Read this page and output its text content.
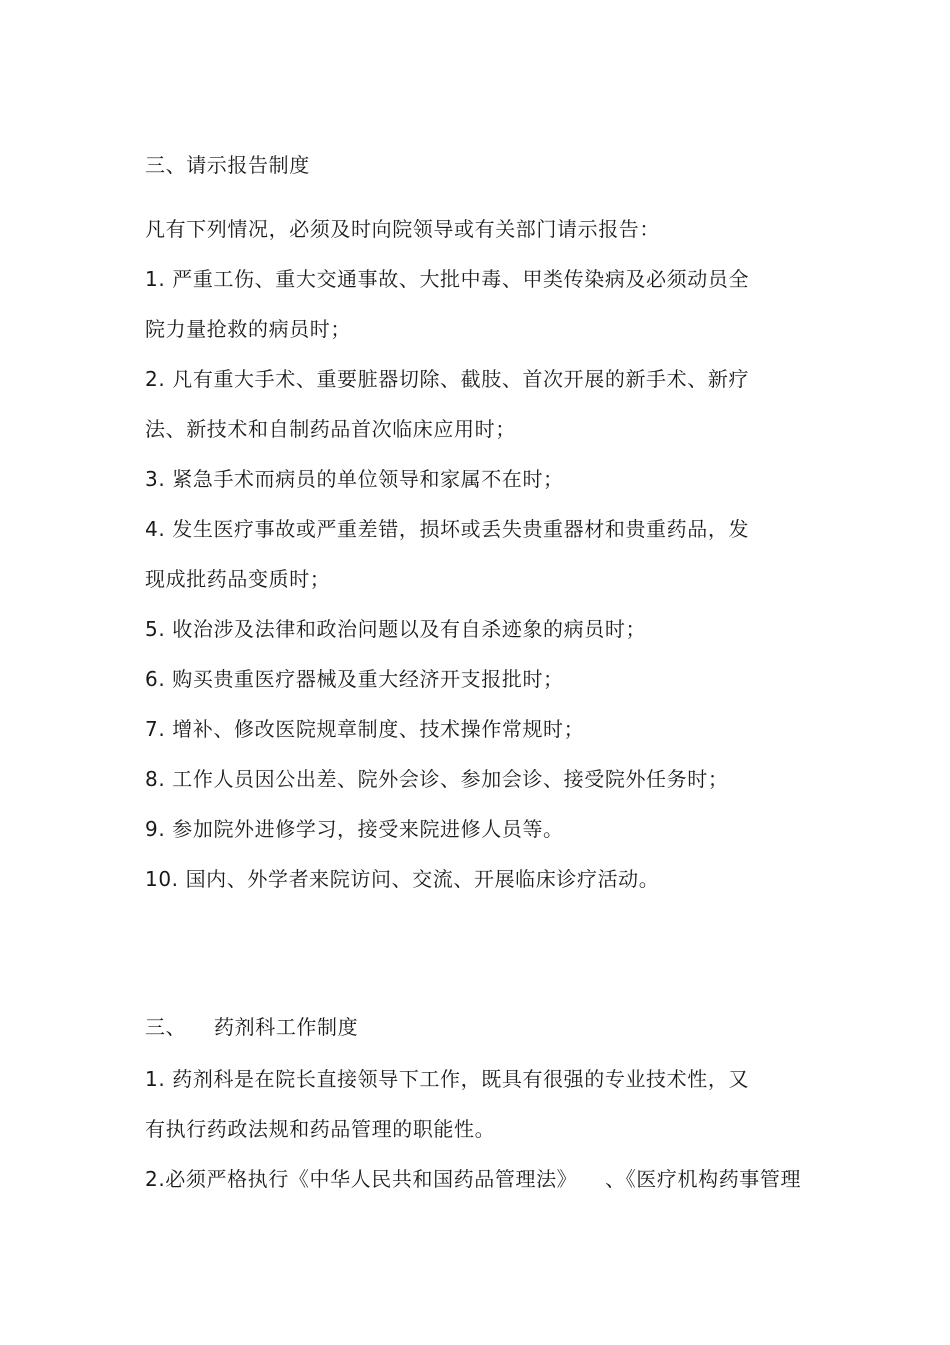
三、请示报告制度
凡有下列情况，必须及时向院领导或有关部门请示报告：
1. 严重工伤、重大交通事故、大批中毒、甲类传染病及必须动员全
院力量抢救的病员时；
2. 凡有重大手术、重要脏器切除、截肢、首次开展的新手术、新疗
法、新技术和自制药品首次临床应用时；
3. 紧急手术而病员的单位领导和家属不在时；
4. 发生医疗事故或严重差错，损坏或丢失贵重器材和贵重药品，发
现成批药品变质时；
5. 收治涉及法律和政治问题以及有自杀迹象的病员时；
6. 购买贵重医疗器械及重大经济开支报批时；
7. 增补、修改医院规章制度、技术操作常规时；
8. 工作人员因公出差、院外会诊、参加会诊、接受院外任务时；
9. 参加院外进修学习，接受来院进修人员等。
10. 国内、外学者来院访问、交流、开展临床诊疗活动。
三、    药剂科工作制度
1. 药剂科是在院长直接领导下工作，既具有很强的专业技术性，又
有执行药政法规和药品管理的职能性。
2.必须严格执行《中华人民共和国药品管理法》    、《医疗机构药事管理
